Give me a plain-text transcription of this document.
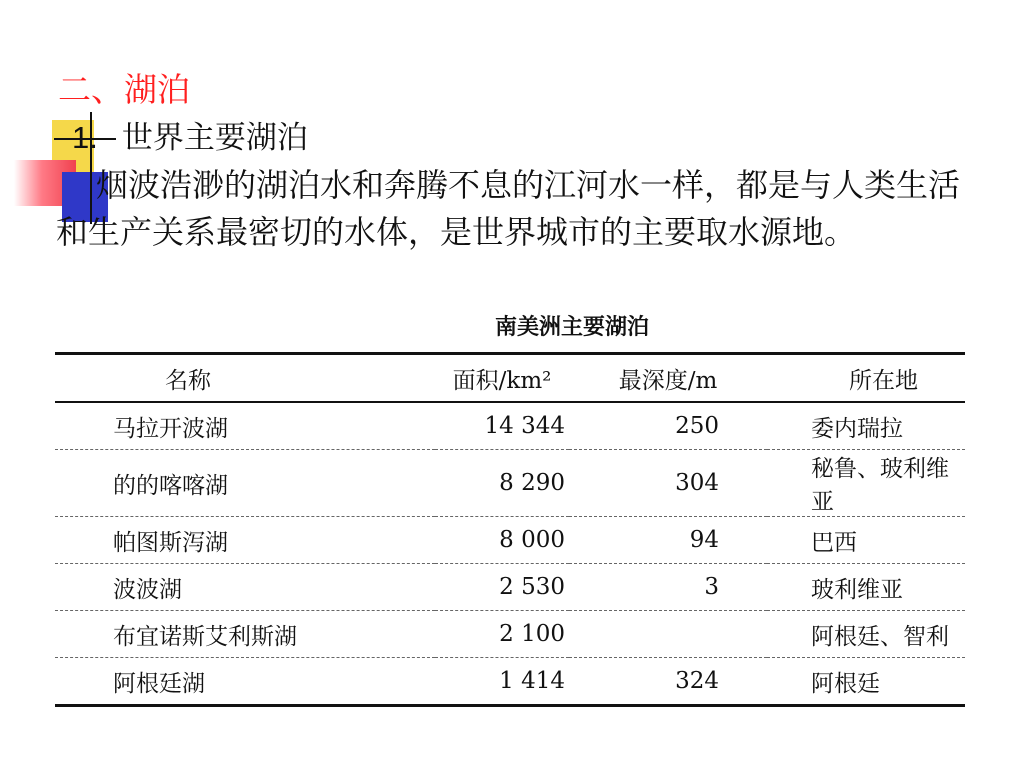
二、湖泊
1. 世界主要湖泊

烟波浩渺的湖泊水和奔腾不息的江河水一样，都是与人类生活和生产关系最密切的水体，是世界城市的主要取水源地。

南美洲主要湖泊
名称	面积/km²	最深度/m	所在地
马拉开波湖	14 344	250	委内瑞拉
的的喀喀湖	8 290	304	秘鲁、玻利维亚
帕图斯泻湖	8 000	94	巴西
波波湖	2 530	3	玻利维亚
布宜诺斯艾利斯湖	2 100		阿根廷、智利
阿根廷湖	1 414	324	阿根廷
